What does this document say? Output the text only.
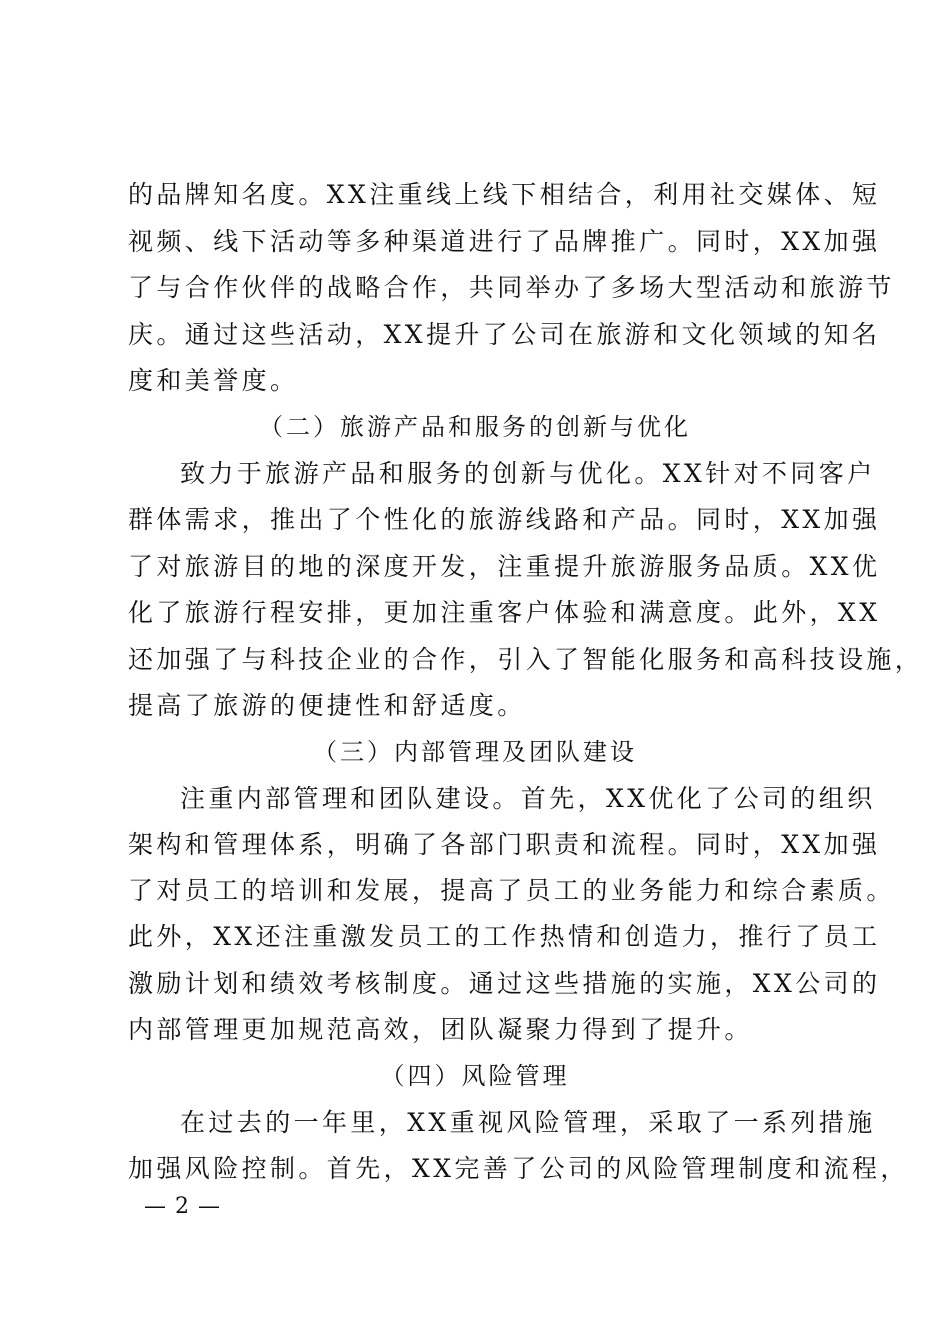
的品牌知名度。XX注重线上线下相结合，利用社交媒体、短
视频、线下活动等多种渠道进行了品牌推广。同时，XX加强
了与合作伙伴的战略合作，共同举办了多场大型活动和旅游节
庆。通过这些活动，XX提升了公司在旅游和文化领域的知名
度和美誉度。
（二）旅游产品和服务的创新与优化
致力于旅游产品和服务的创新与优化。XX针对不同客户
群体需求，推出了个性化的旅游线路和产品。同时，XX加强
了对旅游目的地的深度开发，注重提升旅游服务品质。XX优
化了旅游行程安排，更加注重客户体验和满意度。此外，XX
还加强了与科技企业的合作，引入了智能化服务和高科技设施，
提高了旅游的便捷性和舒适度。
（三）内部管理及团队建设
注重内部管理和团队建设。首先，XX优化了公司的组织
架构和管理体系，明确了各部门职责和流程。同时，XX加强
了对员工的培训和发展，提高了员工的业务能力和综合素质。
此外，XX还注重激发员工的工作热情和创造力，推行了员工
激励计划和绩效考核制度。通过这些措施的实施，XX公司的
内部管理更加规范高效，团队凝聚力得到了提升。
（四）风险管理
在过去的一年里，XX重视风险管理，采取了一系列措施
加强风险控制。首先，XX完善了公司的风险管理制度和流程，
— 2 —
